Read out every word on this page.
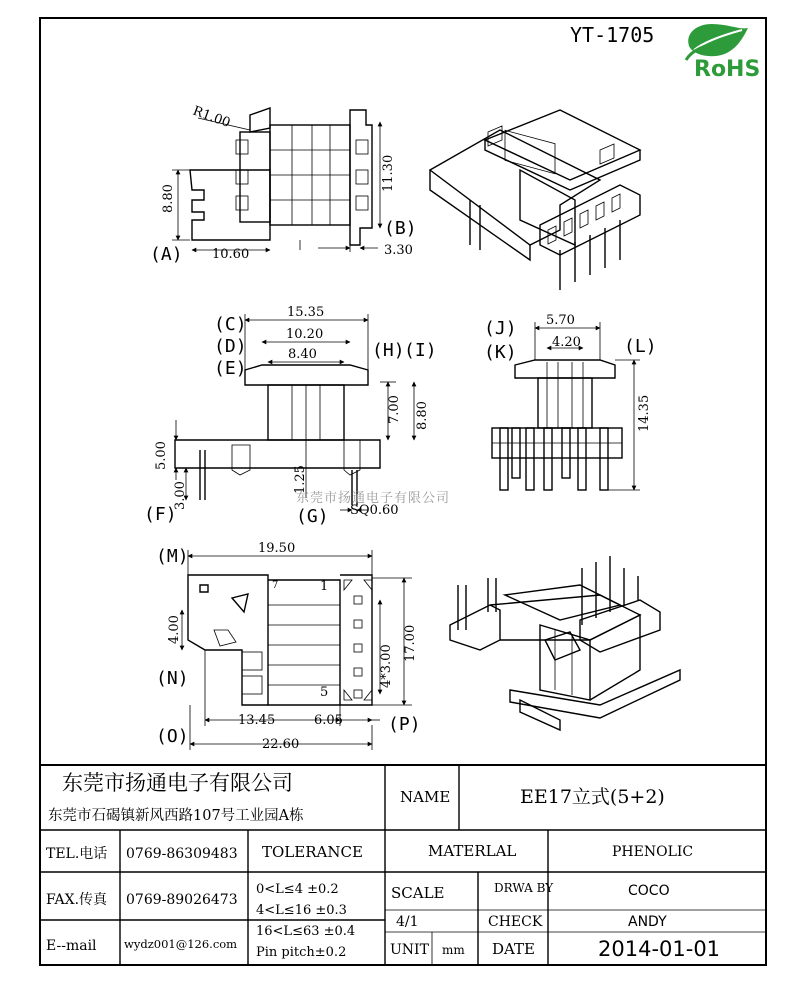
YT-1705
RoHS
R1.00
8.80
11.30
10.60	3.30
(A)
(B)
15.35
10.20
8.40
(C)
(D)
(E)
(H) (I)
7.00 8.80
5.00
3.00
(F)
1.25
(G) SQ0.60
东莞市扬通电子有限公司
5.70
4.20
(J)
(K)	(L)
14.35
1
5
7
19.50
(M)
4.00
(N)	4*3.00
17.00
13.45	6.05	(P)
22.60
(O)
东莞市扬通电子有限公司
东莞市石碣镇新风西路107号工业园A栋
NAME	EE17立式(5+2)
TEL.电话 0769-86309483
FAX.传真 0769-89026473
E--mail wydz001@126.com
TOLERANCE
0<L≤4 ±0.2
4<L≤16 ±0.3
16<L≤63 ±0.4
Pin pitch±0.2
MATERLAL	PHENOLIC
SCALE
4/1
UNIT mm
DRWA BY	COCO
CHECK	ANDY
DATE	2014-01-01
